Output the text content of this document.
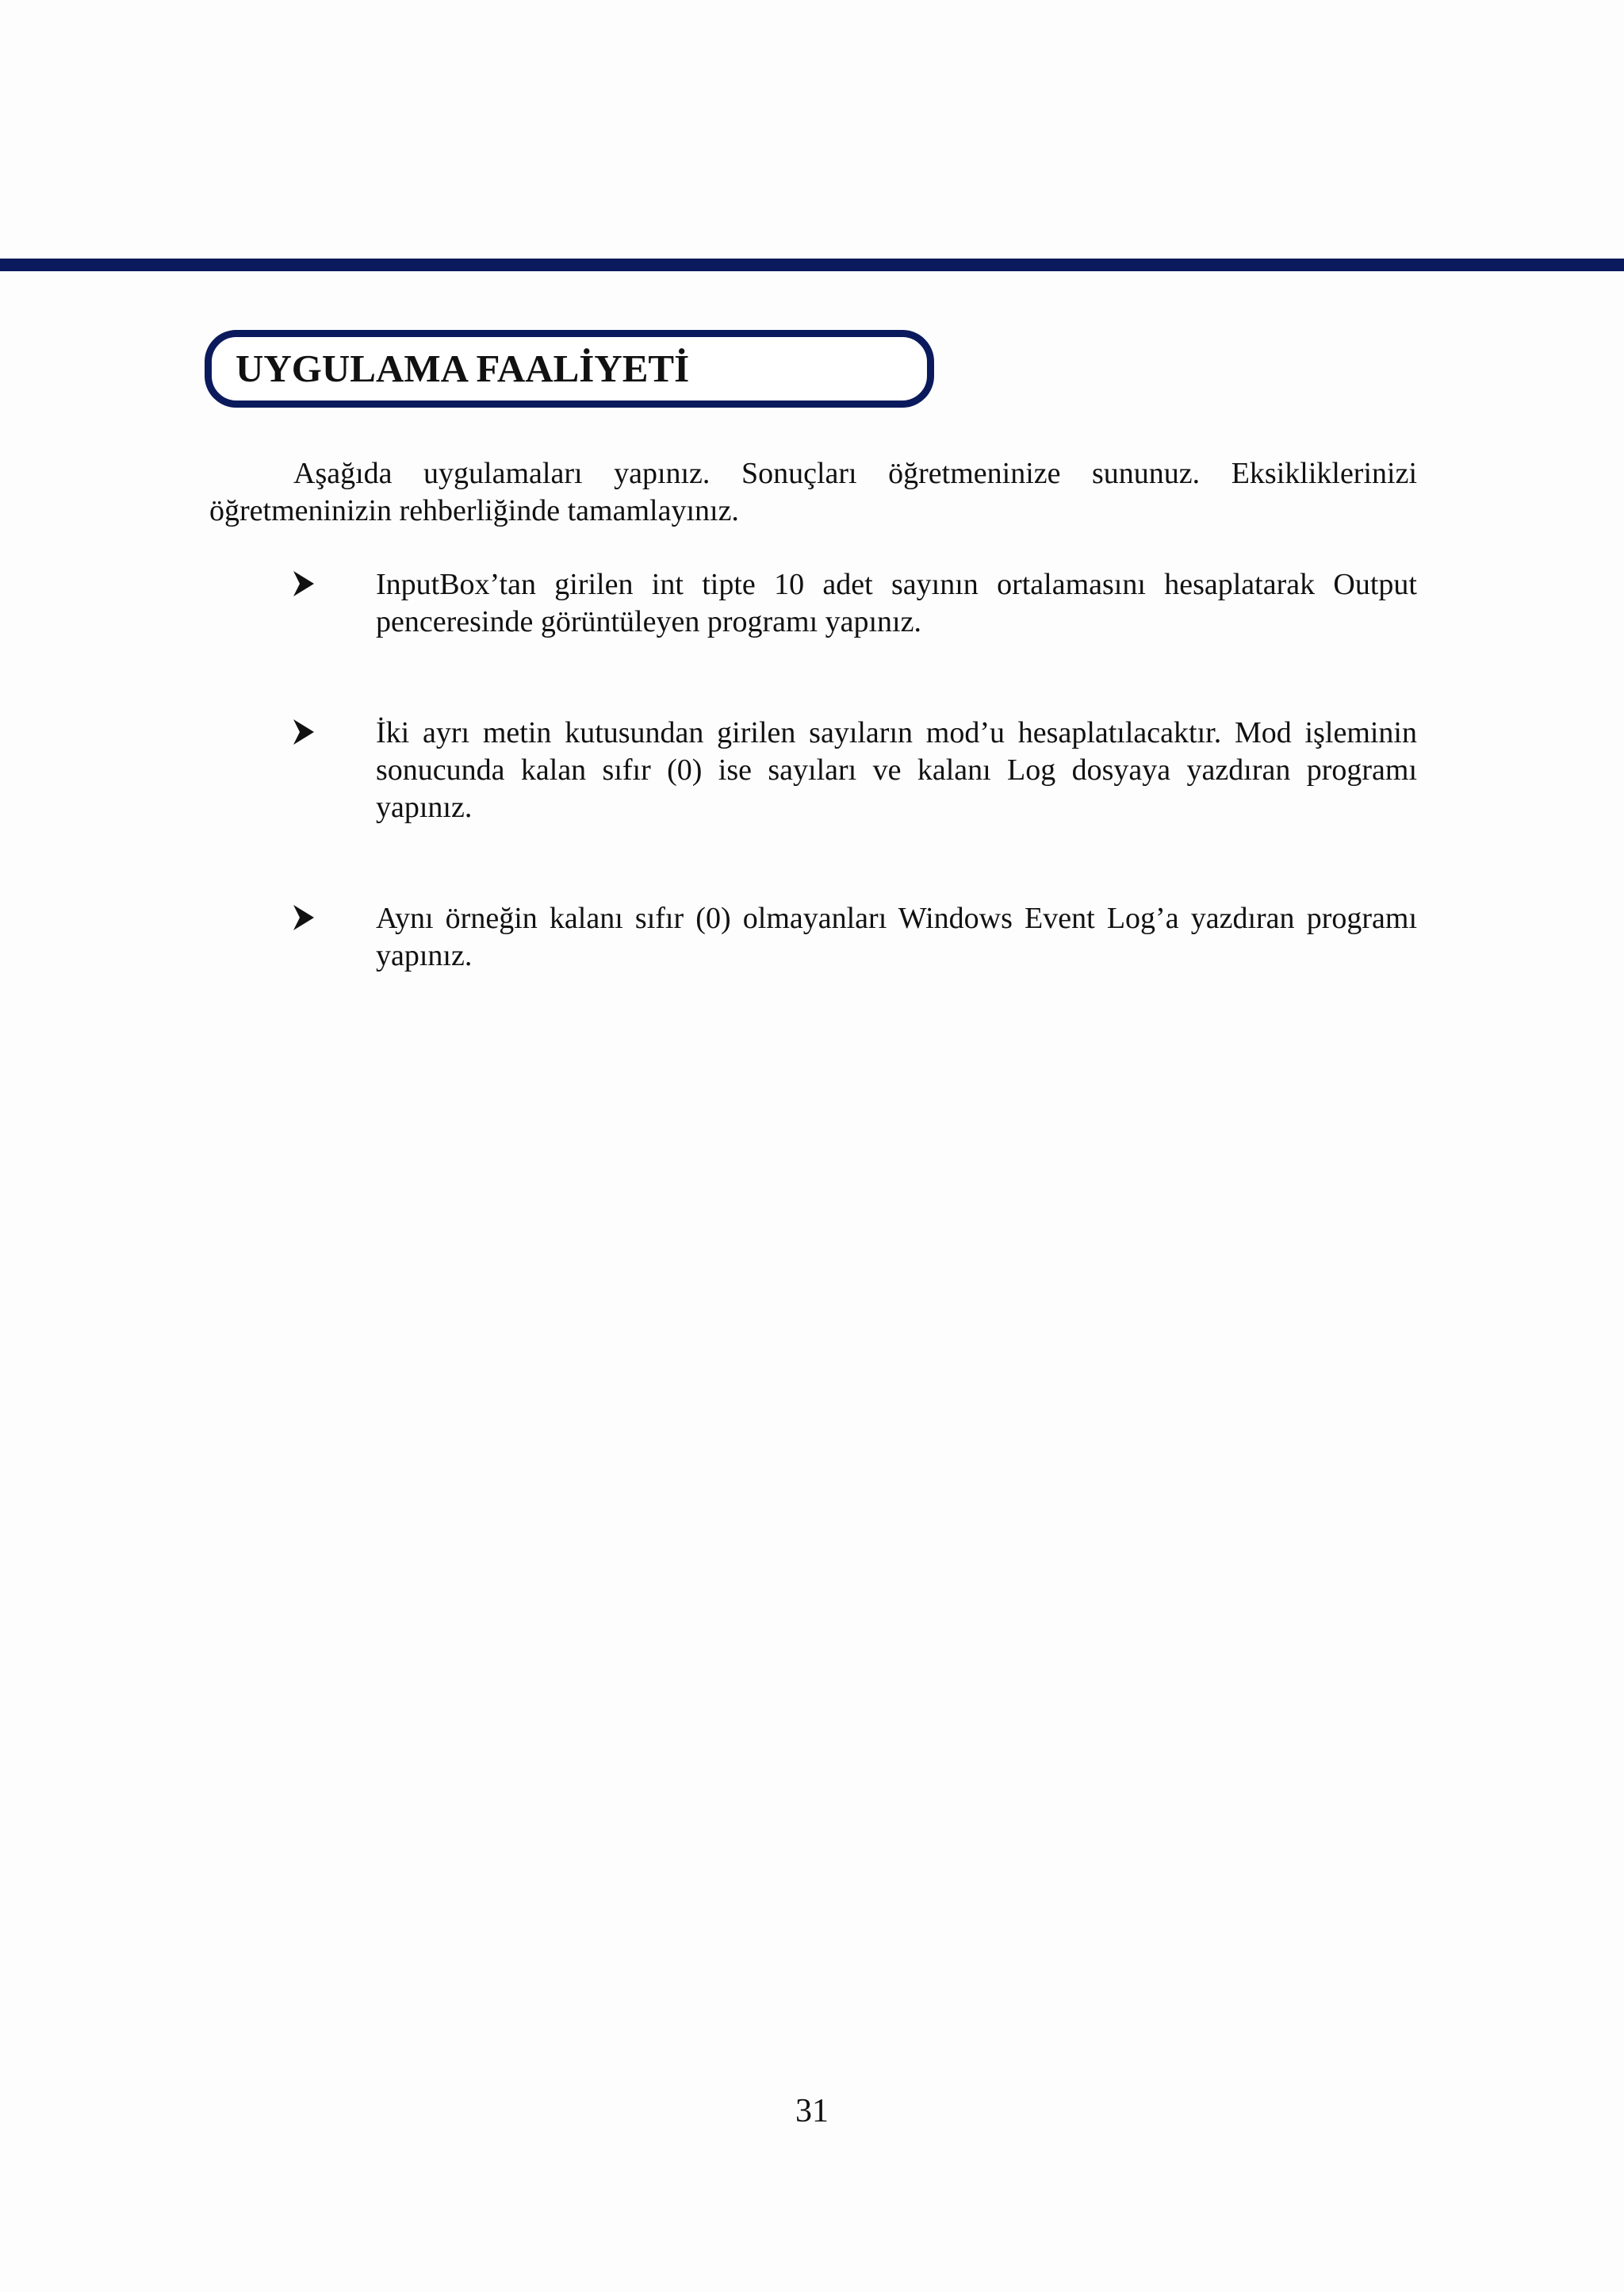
UYGULAMA FAALİYETİ

Aşağıda uygulamaları yapınız. Sonuçları öğretmeninize sununuz. Eksikliklerinizi öğretmeninizin rehberliğinde tamamlayınız.

InputBox’tan girilen int tipte 10 adet sayının ortalamasını hesaplatarak Output penceresinde görüntüleyen programı yapınız.
İki ayrı metin kutusundan girilen sayıların mod’u hesaplatılacaktır. Mod işleminin sonucunda kalan sıfır (0) ise sayıları ve kalanı Log dosyaya yazdıran programı yapınız.
Aynı örneğin kalanı sıfır (0) olmayanları Windows Event Log’a yazdıran programı yapınız.
31
